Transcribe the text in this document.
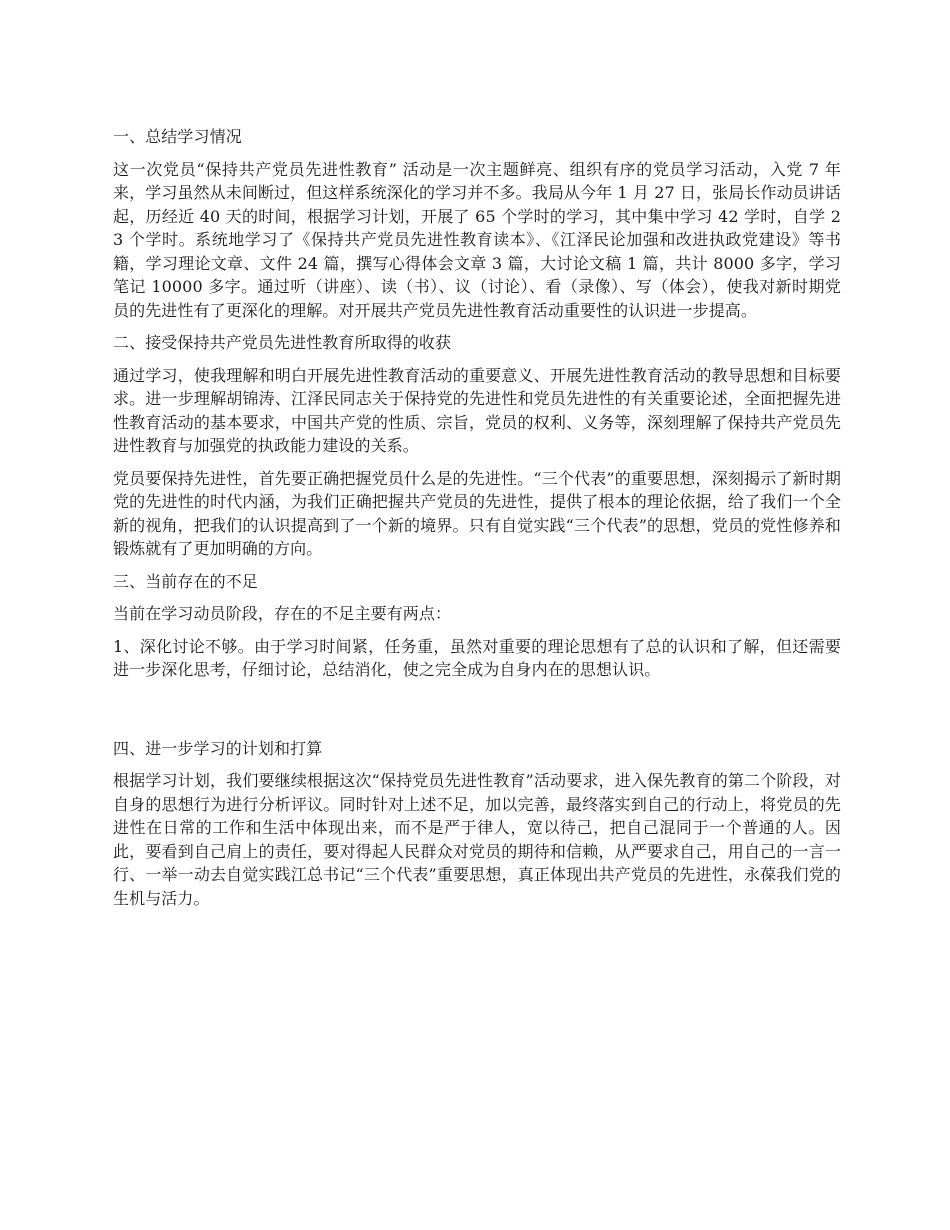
一、总结学习情况
这一次党员“保持共产党员先进性教育” 活动是一次主题鲜亮、组织有序的党员学习活动，入党 7 年来，学习虽然从未间断过，但这样系统深化的学习并不多。我局从今年 1 月 27 日，张局长作动员讲话起，历经近 40 天的时间，根据学习计划，开展了 65 个学时的学习，其中集中学习 42 学时，自学 23 个学时。系统地学习了《保持共产党员先进性教育读本》、《江泽民论加强和改进执政党建设》等书籍，学习理论文章、文件 24 篇，撰写心得体会文章 3 篇，大讨论文稿 1 篇，共计 8000 多字，学习笔记 10000 多字。通过听（讲座）、读（书）、议（讨论）、看（录像）、写（体会），使我对新时期党员的先进性有了更深化的理解。对开展共产党员先进性教育活动重要性的认识进一步提高。
二、接受保持共产党员先进性教育所取得的收获
通过学习，使我理解和明白开展先进性教育活动的重要意义、开展先进性教育活动的教导思想和目标要求。进一步理解胡锦涛、江泽民同志关于保持党的先进性和党员先进性的有关重要论述，全面把握先进性教育活动的基本要求，中国共产党的性质、宗旨，党员的权利、义务等，深刻理解了保持共产党员先进性教育与加强党的执政能力建设的关系。
党员要保持先进性，首先要正确把握党员什么是的先进性。“三个代表”的重要思想，深刻揭示了新时期党的先进性的时代内涵，为我们正确把握共产党员的先进性，提供了根本的理论依据，给了我们一个全新的视角，把我们的认识提高到了一个新的境界。只有自觉实践“三个代表”的思想，党员的党性修养和锻炼就有了更加明确的方向。
三、当前存在的不足
当前在学习动员阶段，存在的不足主要有两点：
1、深化讨论不够。由于学习时间紧，任务重，虽然对重要的理论思想有了总的认识和了解，但还需要进一步深化思考，仔细讨论，总结消化，使之完全成为自身内在的思想认识。
四、进一步学习的计划和打算
根据学习计划，我们要继续根据这次“保持党员先进性教育”活动要求，进入保先教育的第二个阶段，对自身的思想行为进行分析评议。同时针对上述不足，加以完善，最终落实到自己的行动上，将党员的先进性在日常的工作和生活中体现出来，而不是严于律人，宽以待己，把自己混同于一个普通的人。因此，要看到自己肩上的责任，要对得起人民群众对党员的期待和信赖，从严要求自己，用自己的一言一行、一举一动去自觉实践江总书记“三个代表”重要思想，真正体现出共产党员的先进性，永葆我们党的生机与活力。
